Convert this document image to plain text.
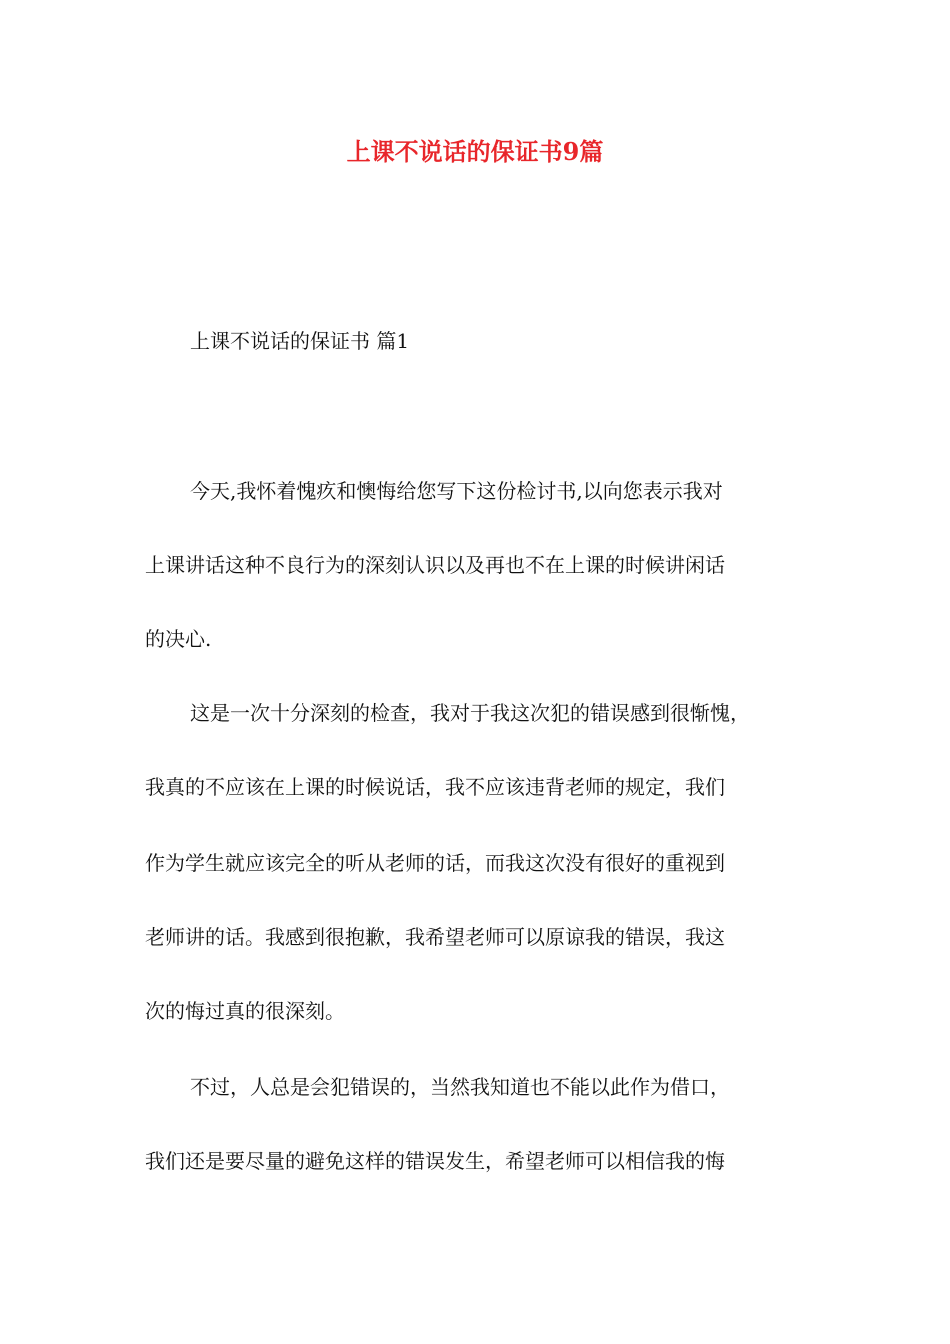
上课不说话的保证书9篇

上课不说话的保证书 篇1

今天,我怀着愧疚和懊悔给您写下这份检讨书,以向您表示我对

上课讲话这种不良行为的深刻认识以及再也不在上课的时候讲闲话

的决心.

这是一次十分深刻的检查，我对于我这次犯的错误感到很惭愧，

我真的不应该在上课的时候说话，我不应该违背老师的规定，我们

作为学生就应该完全的听从老师的话，而我这次没有很好的重视到

老师讲的话。我感到很抱歉，我希望老师可以原谅我的错误，我这

次的悔过真的很深刻。

不过，人总是会犯错误的，当然我知道也不能以此作为借口，

我们还是要尽量的避免这样的错误发生，希望老师可以相信我的悔
